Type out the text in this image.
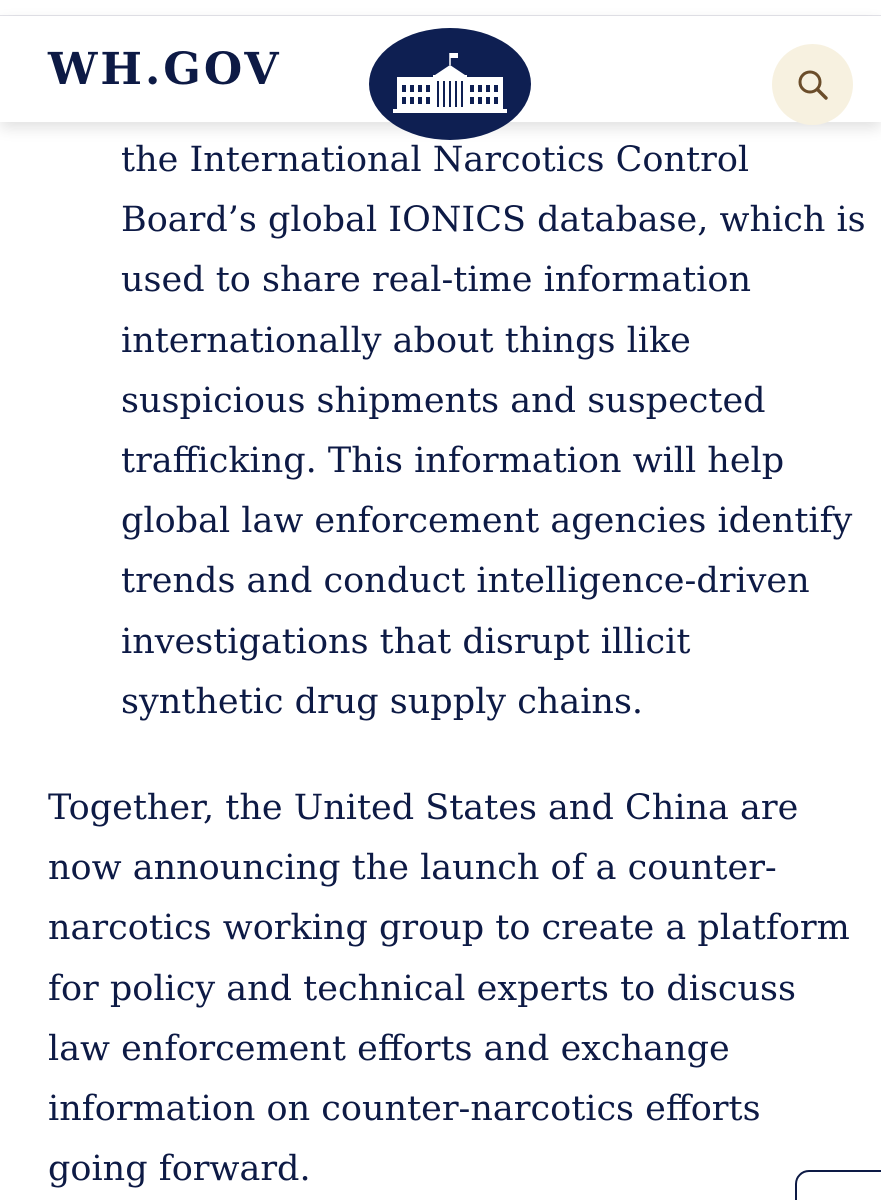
WH.GOV

the International Narcotics Control
Board’s global IONICS database, which is
used to share real-time information
internationally about things like
suspicious shipments and suspected
trafficking. This information will help
global law enforcement agencies identify
trends and conduct intelligence-driven
investigations that disrupt illicit
synthetic drug supply chains.

Together, the United States and China are
now announcing the launch of a counter-
narcotics working group to create a platform
for policy and technical experts to discuss
law enforcement efforts and exchange
information on counter-narcotics efforts
going forward.
